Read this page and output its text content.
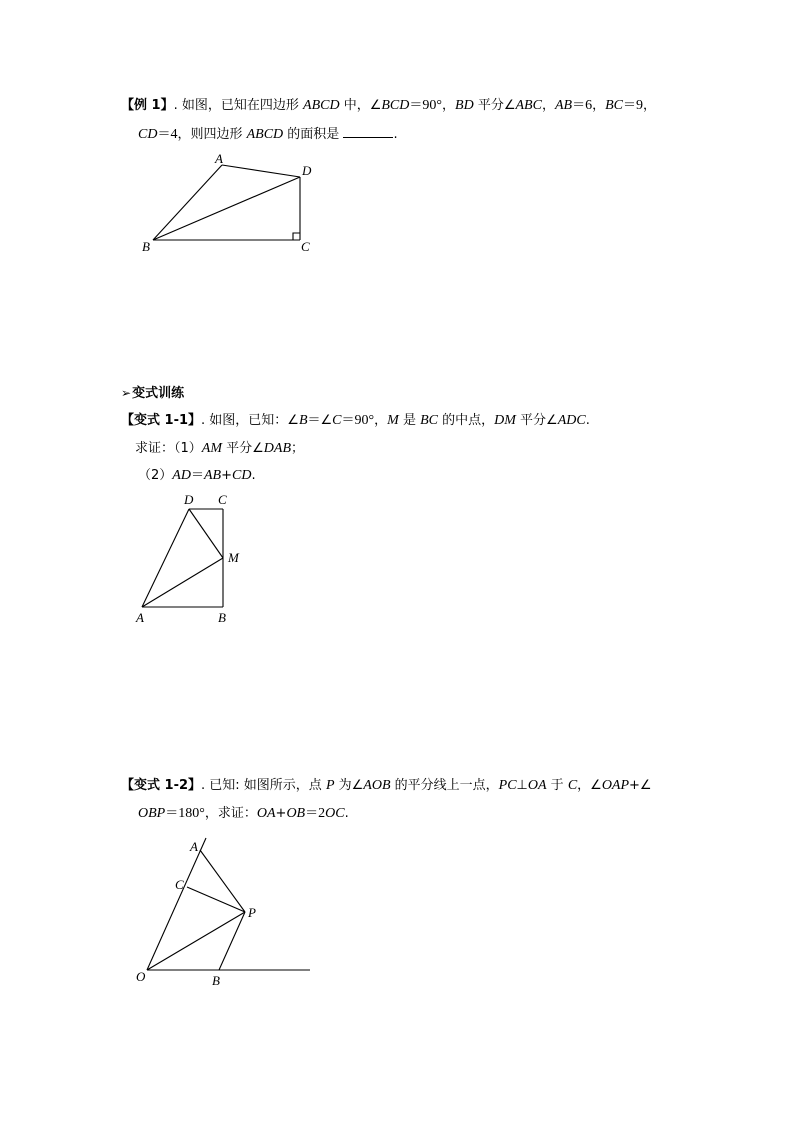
【例 1】. 如图，已知在四边形 ABCD 中，∠BCD＝90°，BD 平分∠ABC，AB＝6，BC＝9，
CD＝4，则四边形 ABCD 的面积是	.
A
D
B	C
➢变式训练
【变式 1-1】. 如图，已知：∠B＝∠C＝90°，M 是 BC 的中点，DM 平分∠ADC.
求证：（1）AM 平分∠DAB；
（2）AD＝AB+CD.
D C
M
A	B
【变式 1-2】. 已知: 如图所示，点 P 为∠AOB 的平分线上一点，PC⊥OA 于 C，∠OAP+∠
OBP＝180°，求证：OA+OB＝2OC.
A
C
P
O	B
